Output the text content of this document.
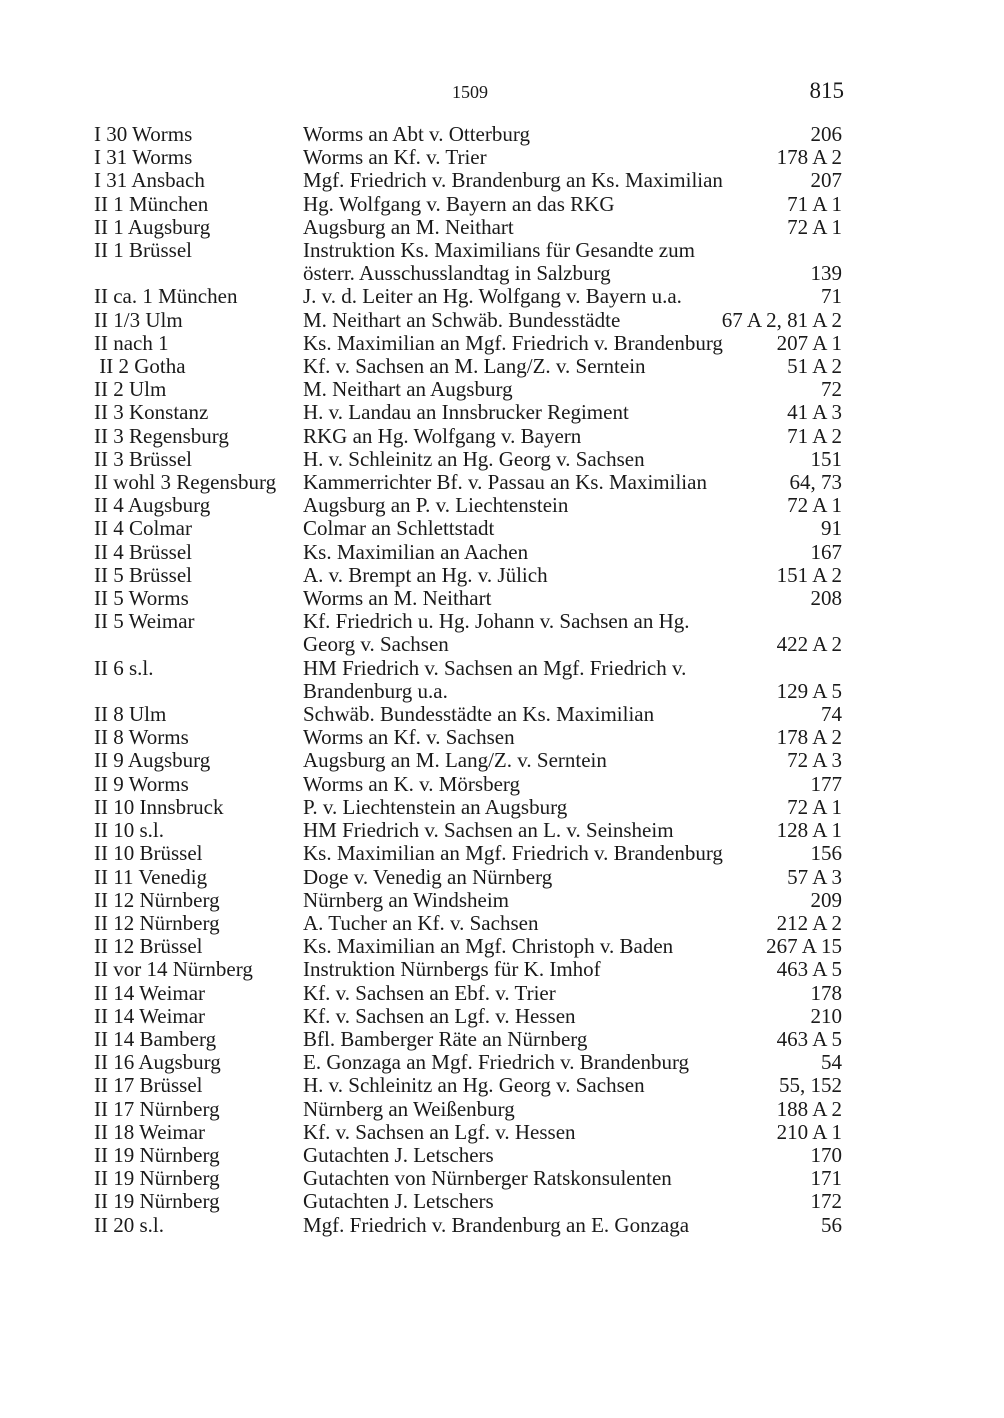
1509	815
I 30 Worms	Worms an Abt v. Otterburg	206
I 31 Worms	Worms an Kf. v. Trier	178 A 2
I 31 Ansbach	Mgf. Friedrich v. Brandenburg an Ks. Maximilian	207
II 1 München	Hg. Wolfgang v. Bayern an das RKG	71 A 1
II 1 Augsburg	Augsburg an M. Neithart	72 A 1
II 1 Brüssel	Instruktion Ks. Maximilians für Gesandte zum
österr. Ausschusslandtag in Salzburg	139
II ca. 1 München	J. v. d. Leiter an Hg. Wolfgang v. Bayern u.a.	71
II 1/3 Ulm	M. Neithart an Schwäb. Bundesstädte	67 A 2, 81 A 2
II nach 1	Ks. Maximilian an Mgf. Friedrich v. Brandenburg	207 A 1
II 2 Gotha	Kf. v. Sachsen an M. Lang/Z. v. Serntein	51 A 2
II 2 Ulm	M. Neithart an Augsburg	72
II 3 Konstanz	H. v. Landau an Innsbrucker Regiment	41 A 3
II 3 Regensburg	RKG an Hg. Wolfgang v. Bayern	71 A 2
II 3 Brüssel	H. v. Schleinitz an Hg. Georg v. Sachsen	151
II wohl 3 Regensburg	Kammerrichter Bf. v. Passau an Ks. Maximilian	64, 73
II 4 Augsburg	Augsburg an P. v. Liechtenstein	72 A 1
II 4 Colmar	Colmar an Schlettstadt	91
II 4 Brüssel	Ks. Maximilian an Aachen	167
II 5 Brüssel	A. v. Brempt an Hg. v. Jülich	151 A 2
II 5 Worms	Worms an M. Neithart	208
II 5 Weimar	Kf. Friedrich u. Hg. Johann v. Sachsen an Hg.
Georg v. Sachsen	422 A 2
II 6 s.l.	HM Friedrich v. Sachsen an Mgf. Friedrich v.
Brandenburg u.a.	129 A 5
II 8 Ulm	Schwäb. Bundesstädte an Ks. Maximilian	74
II 8 Worms	Worms an Kf. v. Sachsen	178 A 2
II 9 Augsburg	Augsburg an M. Lang/Z. v. Serntein	72 A 3
II 9 Worms	Worms an K. v. Mörsberg	177
II 10 Innsbruck	P. v. Liechtenstein an Augsburg	72 A 1
II 10 s.l.	HM Friedrich v. Sachsen an L. v. Seinsheim	128 A 1
II 10 Brüssel	Ks. Maximilian an Mgf. Friedrich v. Brandenburg	156
II 11 Venedig	Doge v. Venedig an Nürnberg	57 A 3
II 12 Nürnberg	Nürnberg an Windsheim	209
II 12 Nürnberg	A. Tucher an Kf. v. Sachsen	212 A 2
II 12 Brüssel	Ks. Maximilian an Mgf. Christoph v. Baden	267 A 15
II vor 14 Nürnberg	Instruktion Nürnbergs für K. Imhof	463 A 5
II 14 Weimar	Kf. v. Sachsen an Ebf. v. Trier	178
II 14 Weimar	Kf. v. Sachsen an Lgf. v. Hessen	210
II 14 Bamberg	Bfl. Bamberger Räte an Nürnberg	463 A 5
II 16 Augsburg	E. Gonzaga an Mgf. Friedrich v. Brandenburg	54
II 17 Brüssel	H. v. Schleinitz an Hg. Georg v. Sachsen	55, 152
II 17 Nürnberg	Nürnberg an Weißenburg	188 A 2
II 18 Weimar	Kf. v. Sachsen an Lgf. v. Hessen	210 A 1
II 19 Nürnberg	Gutachten J. Letschers	170
II 19 Nürnberg	Gutachten von Nürnberger Ratskonsulenten	171
II 19 Nürnberg	Gutachten J. Letschers	172
II 20 s.l.	Mgf. Friedrich v. Brandenburg an E. Gonzaga	56
